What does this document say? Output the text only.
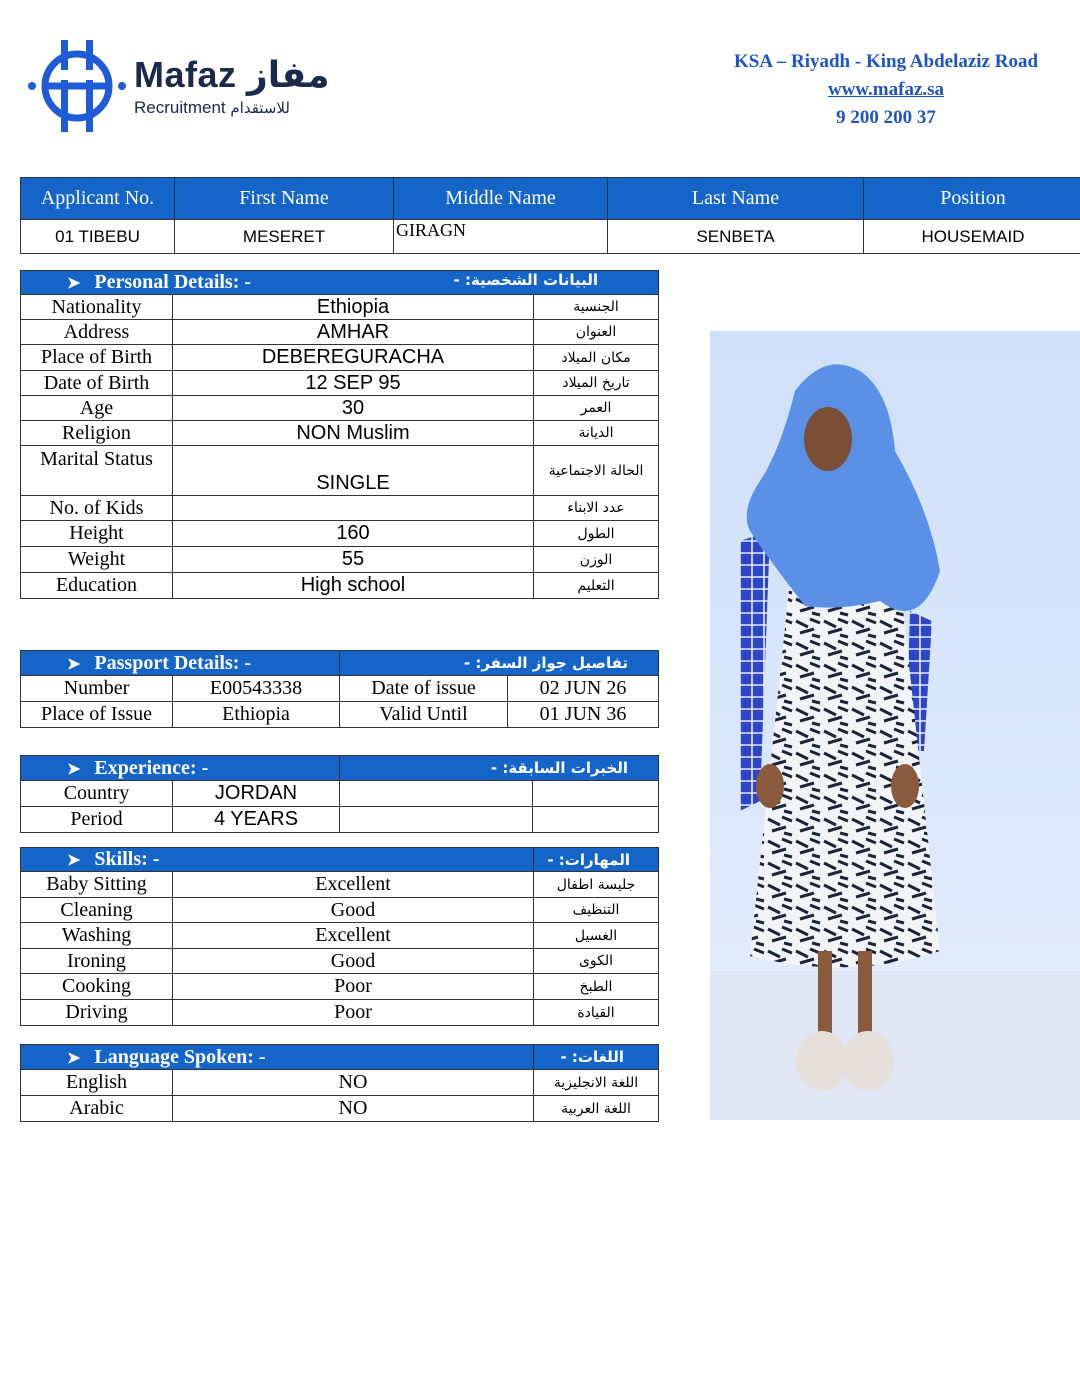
Mafaz مفاز
Recruitment للاستقدام
KSA – Riyadh - King Abdelaziz Road
www.mafaz.sa
9 200 200 37
Applicant No.	First Name	Middle Name	Last Name	Position
01 TIBEBU	MESERET	GIRAGN	SENBETA	HOUSEMAID
➤ Personal Details: - البيانات الشخصية: -		

Nationality	Ethiopia	الجنسية
Address	AMHAR	العنوان
Place of Birth	DEBEREGURACHA	مكان الميلاد
Date of Birth	12 SEP 95	تاريخ الميلاد
Age	30	العمر
Religion	NON Muslim	الديانة
Marital Status	SINGLE	الحالة الاجتماعية
No. of Kids		عدد الابناء
Height	160	الطول
Weight	55	الوزن
Education	High school	التعليم
➤ Passport Details: -		تفاصيل جواز السفر: -	
Number	E00543338	Date of issue	02 JUN 26
Place of Issue	Ethiopia	Valid Until	01 JUN 36
➤ Experience: -		الخبرات السابقة: -	
Country	JORDAN		
Period	4 YEARS		
➤ Skills: -		المهارات: -
Baby Sitting	Excellent	جليسة اطفال
Cleaning	Good	التنظيف
Washing	Excellent	الغسيل
Ironing	Good	الكوى
Cooking	Poor	الطبخ
Driving	Poor	القيادة
➤ Language Spoken: -		اللغات: -
English	NO	اللغة الانجليزية
Arabic	NO	اللغة العربية
